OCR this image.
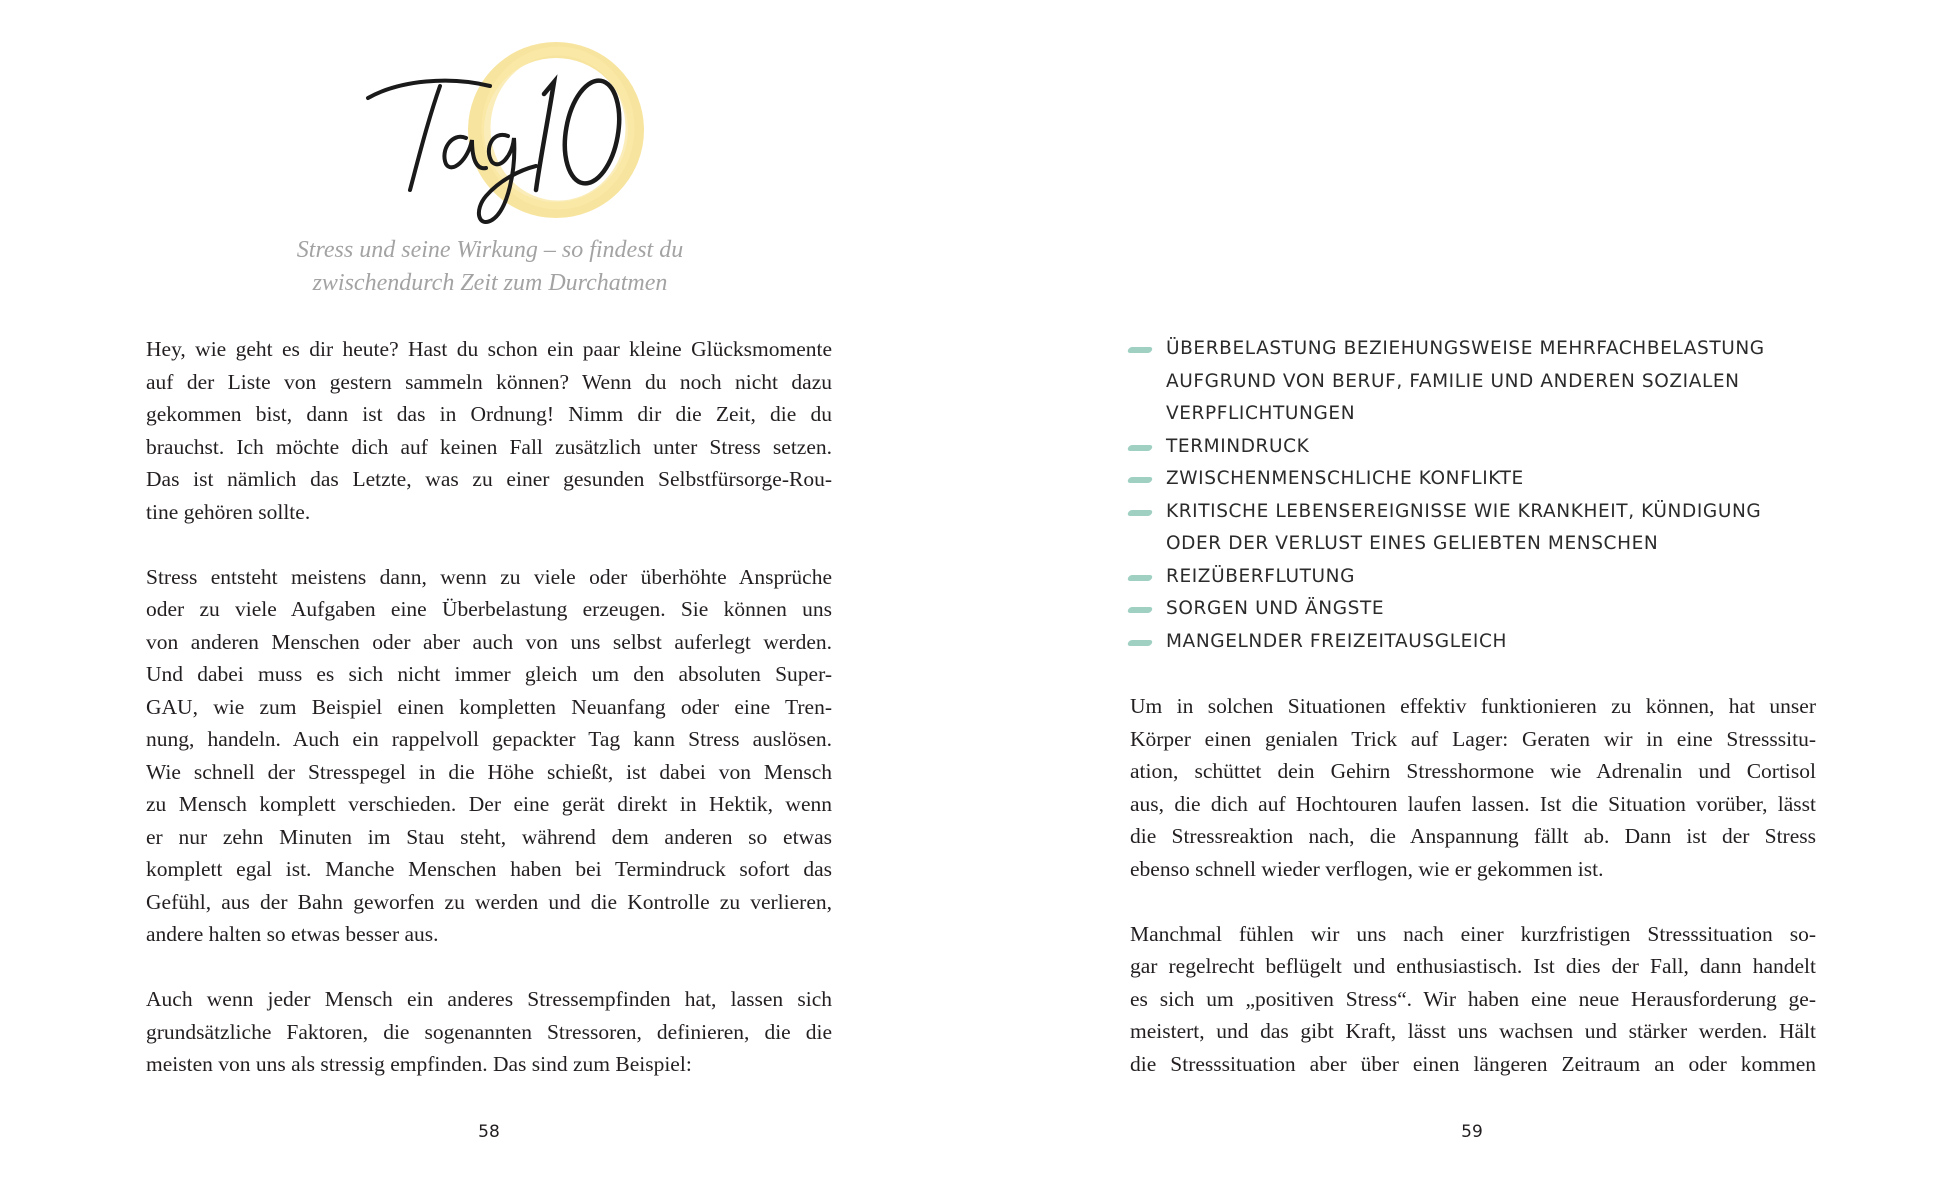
Stress und seine Wirkung – so findest du
zwischendurch Zeit zum Durchatmen

Hey, wie geht es dir heute? Hast du schon ein paar kleine Glücksmomente
auf der Liste von gestern sammeln können? Wenn du noch nicht dazu
gekommen bist, dann ist das in Ordnung! Nimm dir die Zeit, die du
brauchst. Ich möchte dich auf keinen Fall zusätzlich unter Stress setzen.
Das ist nämlich das Letzte, was zu einer gesunden Selbstfürsorge-Rou-
tine gehören sollte.

Stress entsteht meistens dann, wenn zu viele oder überhöhte Ansprüche
oder zu viele Aufgaben eine Überbelastung erzeugen. Sie können uns
von anderen Menschen oder aber auch von uns selbst auferlegt werden.
Und dabei muss es sich nicht immer gleich um den absoluten Super-
GAU, wie zum Beispiel einen kompletten Neuanfang oder eine Tren-
nung, handeln. Auch ein rappelvoll gepackter Tag kann Stress auslösen.
Wie schnell der Stresspegel in die Höhe schießt, ist dabei von Mensch
zu Mensch komplett verschieden. Der eine gerät direkt in Hektik, wenn
er nur zehn Minuten im Stau steht, während dem anderen so etwas
komplett egal ist. Manche Menschen haben bei Termindruck sofort das
Gefühl, aus der Bahn geworfen zu werden und die Kontrolle zu verlieren,
andere halten so etwas besser aus.

Auch wenn jeder Mensch ein anderes Stressempfinden hat, lassen sich
grundsätzliche Faktoren, die sogenannten Stressoren, definieren, die die
meisten von uns als stressig empfinden. Das sind zum Beispiel:

58
ÜBERBELASTUNG BEZIEHUNGSWEISE MEHRFACHBELASTUNG
AUFGRUND VON BERUF, FAMILIE UND ANDEREN SOZIALEN
VERPFLICHTUNGEN
TERMINDRUCK
ZWISCHENMENSCHLICHE KONFLIKTE
KRITISCHE LEBENSEREIGNISSE WIE KRANKHEIT, KÜNDIGUNG
ODER DER VERLUST EINES GELIEBTEN MENSCHEN
REIZÜBERFLUTUNG
SORGEN UND ÄNGSTE
MANGELNDER FREIZEITAUSGLEICH

Um in solchen Situationen effektiv funktionieren zu können, hat unser
Körper einen genialen Trick auf Lager: Geraten wir in eine Stresssitu-
ation, schüttet dein Gehirn Stresshormone wie Adrenalin und Cortisol
aus, die dich auf Hochtouren laufen lassen. Ist die Situation vorüber, lässt
die Stressreaktion nach, die Anspannung fällt ab. Dann ist der Stress
ebenso schnell wieder verflogen, wie er gekommen ist.

Manchmal fühlen wir uns nach einer kurzfristigen Stresssituation so-
gar regelrecht beflügelt und enthusiastisch. Ist dies der Fall, dann handelt
es sich um „positiven Stress“. Wir haben eine neue Herausforderung ge-
meistert, und das gibt Kraft, lässt uns wachsen und stärker werden. Hält
die Stresssituation aber über einen längeren Zeitraum an oder kommen

59
